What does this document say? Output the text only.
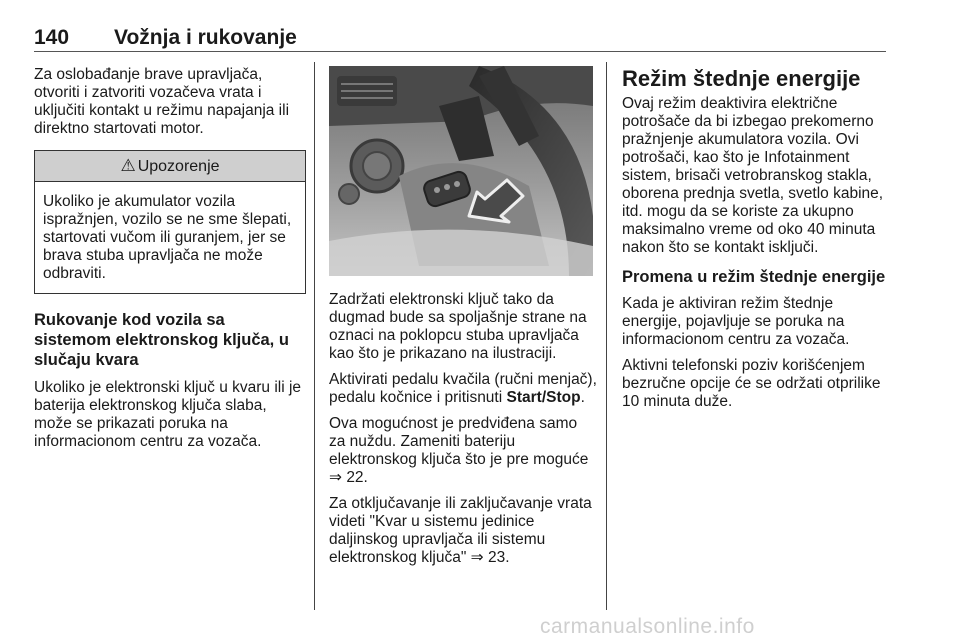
140 Vožnja i rukovanje

Za oslobađanje brave upravljača, otvoriti i zatvoriti vozačeva vrata i uključiti kontakt u režimu napajanja ili direktno startovati motor.

⚠ Upozorenje
Ukoliko je akumulator vozila ispražnjen, vozilo se ne sme šlepati, startovati vučom ili guranjem, jer se brava stuba upravljača ne može odbraviti.
Rukovanje kod vozila sa sistemom elektronskog ključa, u slučaju kvara

Ukoliko je elektronski ključ u kvaru ili je baterija elektronskog ključa slaba, može se prikazati poruka na informacionom centru za vozača.

Zadržati elektronski ključ tako da dugmad bude sa spoljašnje strane na oznaci na poklopcu stuba upravljača kao što je prikazano na ilustraciji.

Aktivirati pedalu kvačila (ručni menjač), pedalu kočnice i pritisnuti Start/Stop.

Ova mogućnost je predviđena samo za nuždu. Zameniti bateriju elektronskog ključa što je pre moguće ⇒ 22.

Za otključavanje ili zaključavanje vrata videti "Kvar u sistemu jedinice daljinskog upravljača ili sistemu elektronskog ključa" ⇒ 23.

Režim štednje energije

Ovaj režim deaktivira električne potrošače da bi izbegao prekomerno pražnjenje akumulatora vozila. Ovi potrošači, kao što je Infotainment sistem, brisači vetrobranskog stakla, oborena prednja svetla, svetlo kabine, itd. mogu da se koriste za ukupno maksimalno vreme od oko 40 minuta nakon što se kontakt isključi.

Promena u režim štednje energije

Kada je aktiviran režim štednje energije, pojavljuje se poruka na informacionom centru za vozača.

Aktivni telefonski poziv korišćenjem bezručne opcije će se održati otprilike 10 minuta duže.

carmanualsonline.info
